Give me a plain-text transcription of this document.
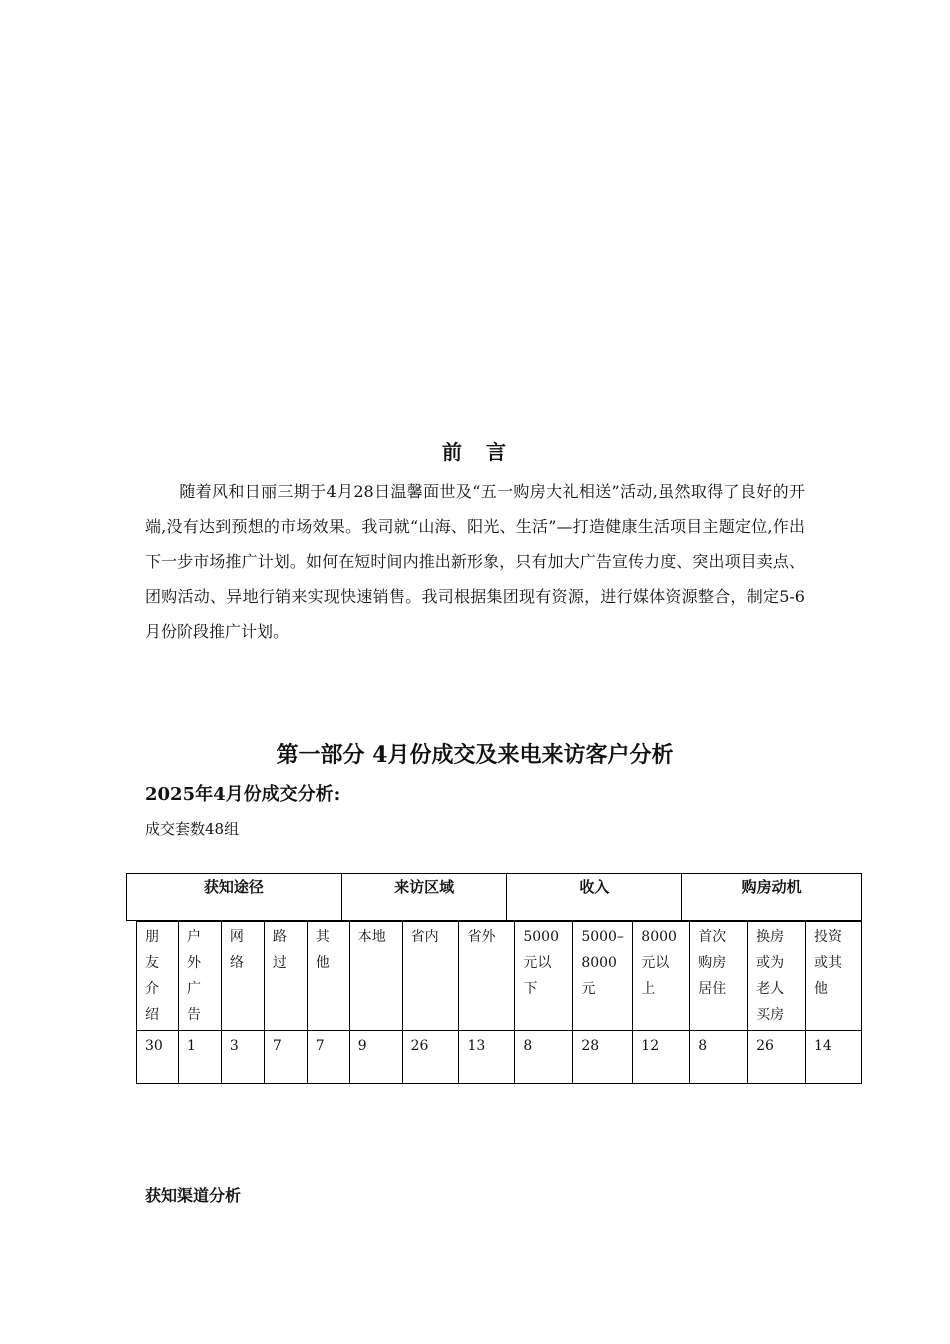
前　言
随着风和日丽三期于4月28日温馨面世及“五一购房大礼相送”活动,虽然取得了良好的开端,没有达到预想的市场效果。我司就“山海、阳光、生活”—打造健康生活项目主题定位,作出下一步市场推广计划。如何在短时间内推出新形象，只有加大广告宣传力度、突出项目卖点、团购活动、异地行销来实现快速销售。我司根据集团现有资源，进行媒体资源整合，制定5-6月份阶段推广计划。
第一部分 4月份成交及来电来访客户分析
2025年4月份成交分析:
成交套数48组
获知途径	来访区域	收入	购房动机
朋友介绍	户外广告	网络	路过	其他	本地	省内	省外	5000元以下	5000–8000元	8000元以上	首次购房居住	换房或为老人买房	投资或其他
30	1	3	7	7	9	26	13	8	28	12	8	26	14
获知渠道分析
